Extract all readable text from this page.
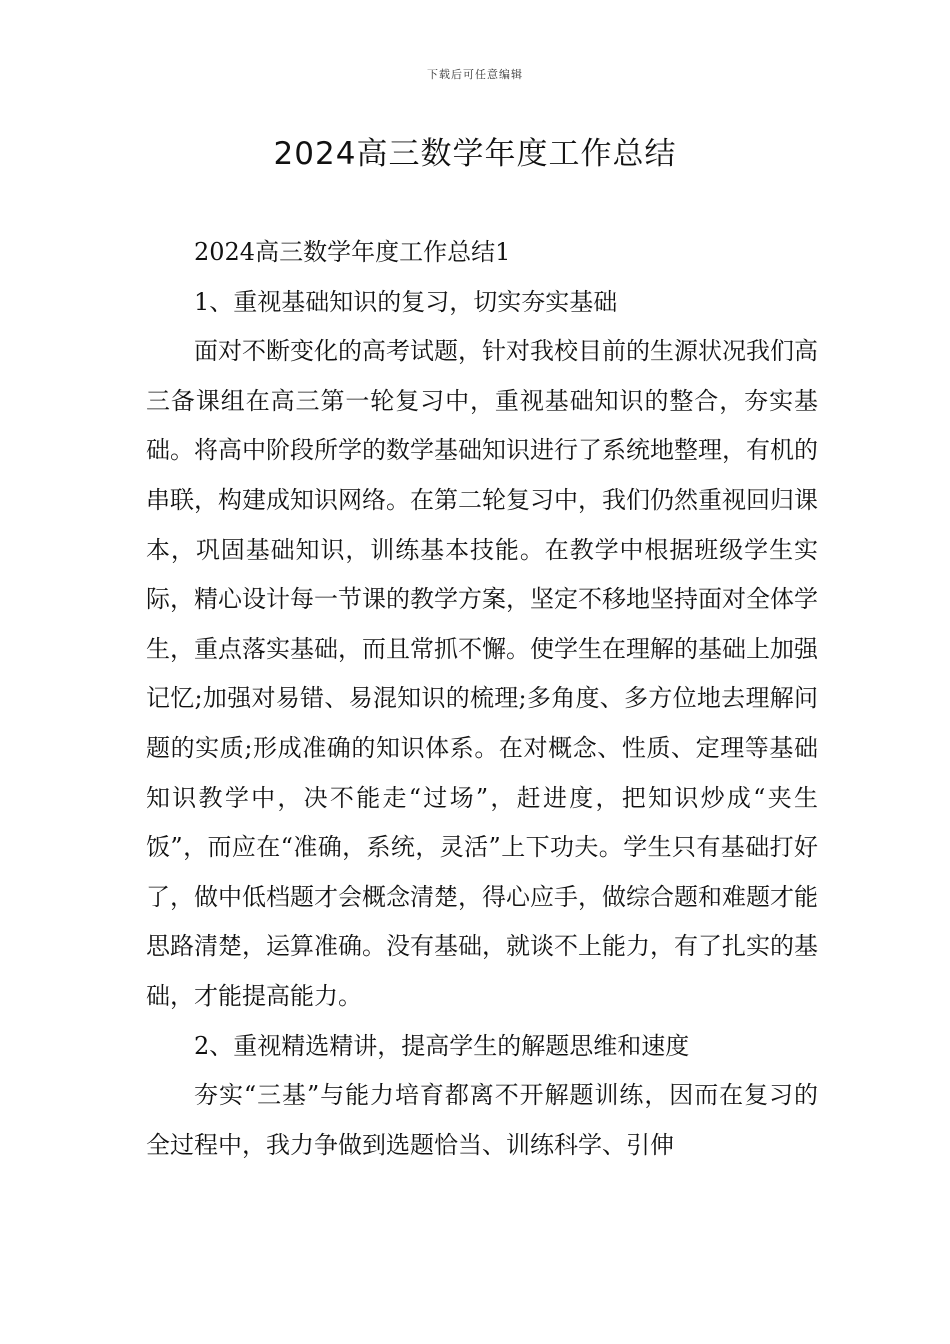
下载后可任意编辑
2024高三数学年度工作总结

2024高三数学年度工作总结1

1、重视基础知识的复习，切实夯实基础

面对不断变化的高考试题，针对我校目前的生源状况我们高三备课组在高三第一轮复习中，重视基础知识的整合，夯实基础。将高中阶段所学的数学基础知识进行了系统地整理，有机的串联，构建成知识网络。在第二轮复习中，我们仍然重视回归课本，巩固基础知识，训练基本技能。在教学中根据班级学生实际，精心设计每一节课的教学方案，坚定不移地坚持面对全体学生，重点落实基础，而且常抓不懈。使学生在理解的基础上加强记忆;加强对易错、易混知识的梳理;多角度、多方位地去理解问题的实质;形成准确的知识体系。在对概念、性质、定理等基础知识教学中，决不能走“过场”，赶进度，把知识炒成“夹生饭”，而应在“准确，系统，灵活”上下功夫。学生只有基础打好了，做中低档题才会概念清楚，得心应手，做综合题和难题才能思路清楚，运算准确。没有基础，就谈不上能力，有了扎实的基础，才能提高能力。

2、重视精选精讲，提高学生的解题思维和速度

夯实“三基”与能力培育都离不开解题训练，因而在复习的全过程中，我力争做到选题恰当、训练科学、引伸
